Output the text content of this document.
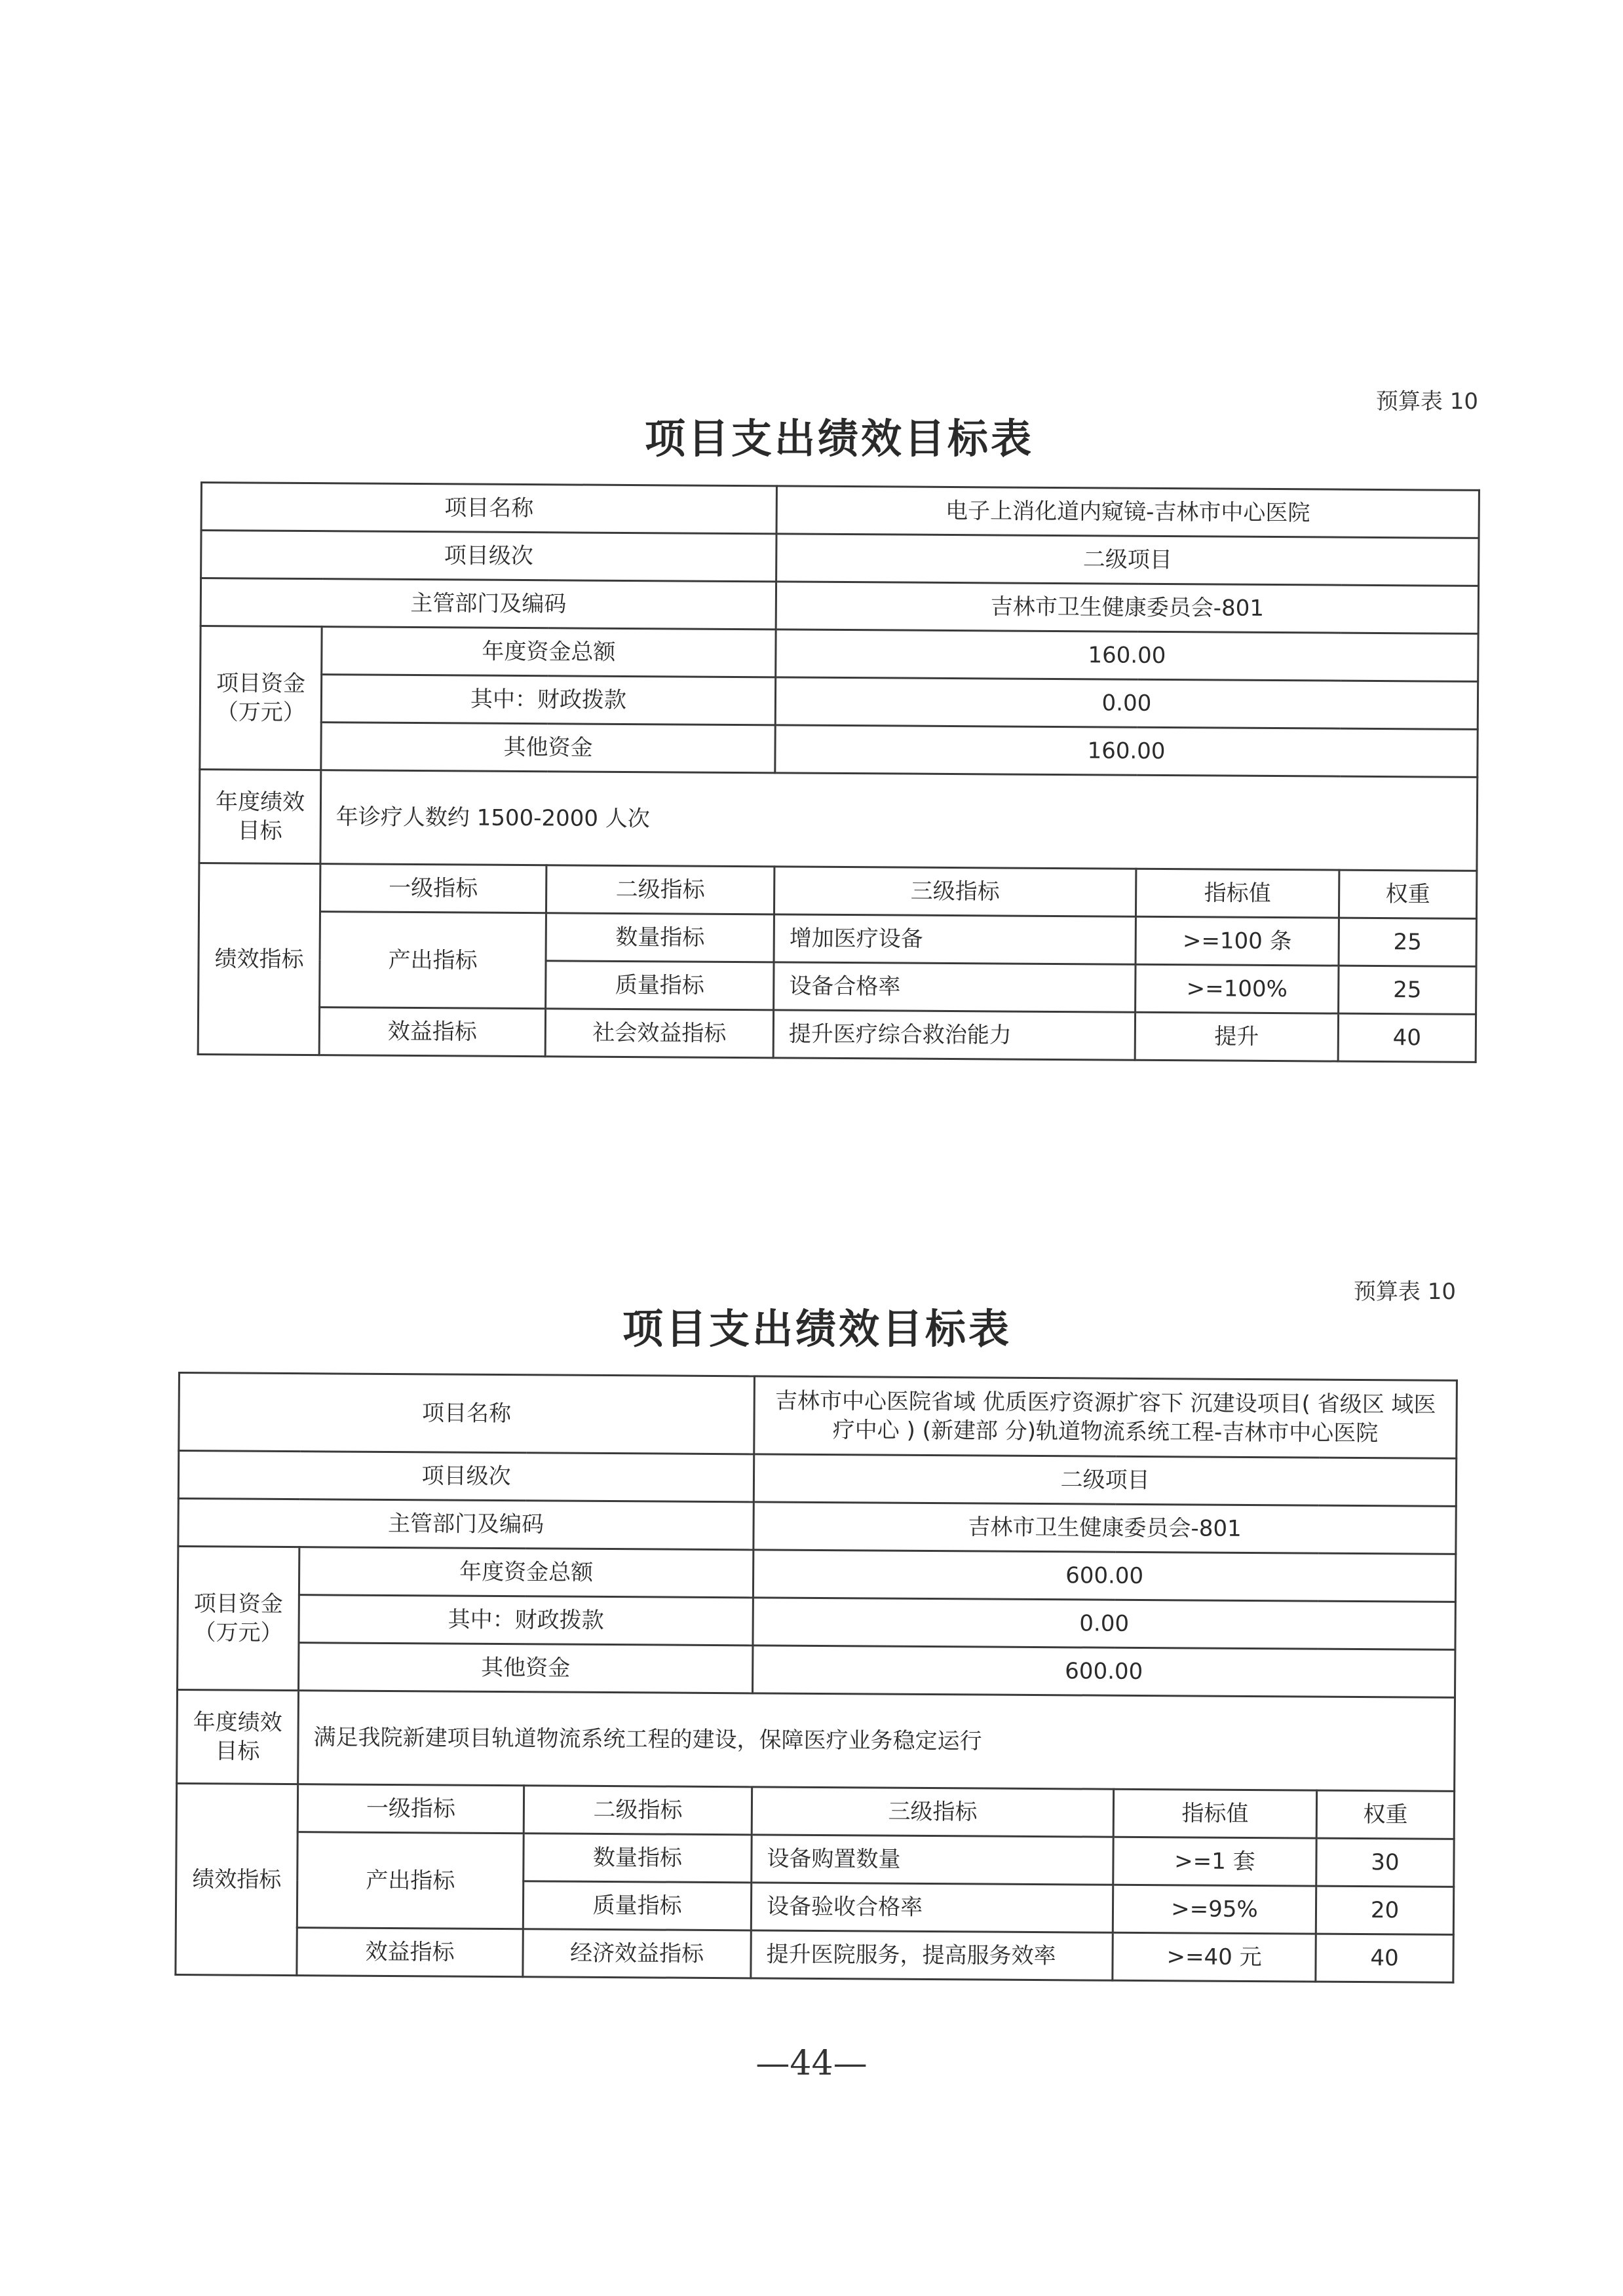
预算表 10
项目支出绩效目标表
项目名称			电子上消化道内窥镜-吉林市中心医院		
项目级次			二级项目		
主管部门及编码			吉林市卫生健康委员会-801		
项目资金
（万元）	年度资金总额		160.00		
	其中：财政拨款		0.00		
	其他资金		160.00		
年度绩效
目标	年诊疗人数约 1500-2000 人次				
绩效指标	一级指标	二级指标	三级指标	指标值	权重
	产出指标	数量指标	增加医疗设备	>=100 条	25
		质量指标	设备合格率	>=100%	25
	效益指标	社会效益指标	提升医疗综合救治能力	提升	40
预算表 10
项目支出绩效目标表
项目名称			吉林市中心医院省域 优质医疗资源扩容下 沉建设项目( 省级区 域医疗中心 ) (新建部 分)轨道物流系统工程-吉林市中心医院		
项目级次			二级项目		
主管部门及编码			吉林市卫生健康委员会-801		
项目资金
（万元）	年度资金总额		600.00		
	其中：财政拨款		0.00		
	其他资金		600.00		
年度绩效
目标	满足我院新建项目轨道物流系统工程的建设，保障医疗业务稳定运行				
绩效指标	一级指标	二级指标	三级指标	指标值	权重
	产出指标	数量指标	设备购置数量	>=1 套	30
		质量指标	设备验收合格率	>=95%	20
	效益指标	经济效益指标	提升医院服务，提高服务效率	>=40 元	40
—44—
